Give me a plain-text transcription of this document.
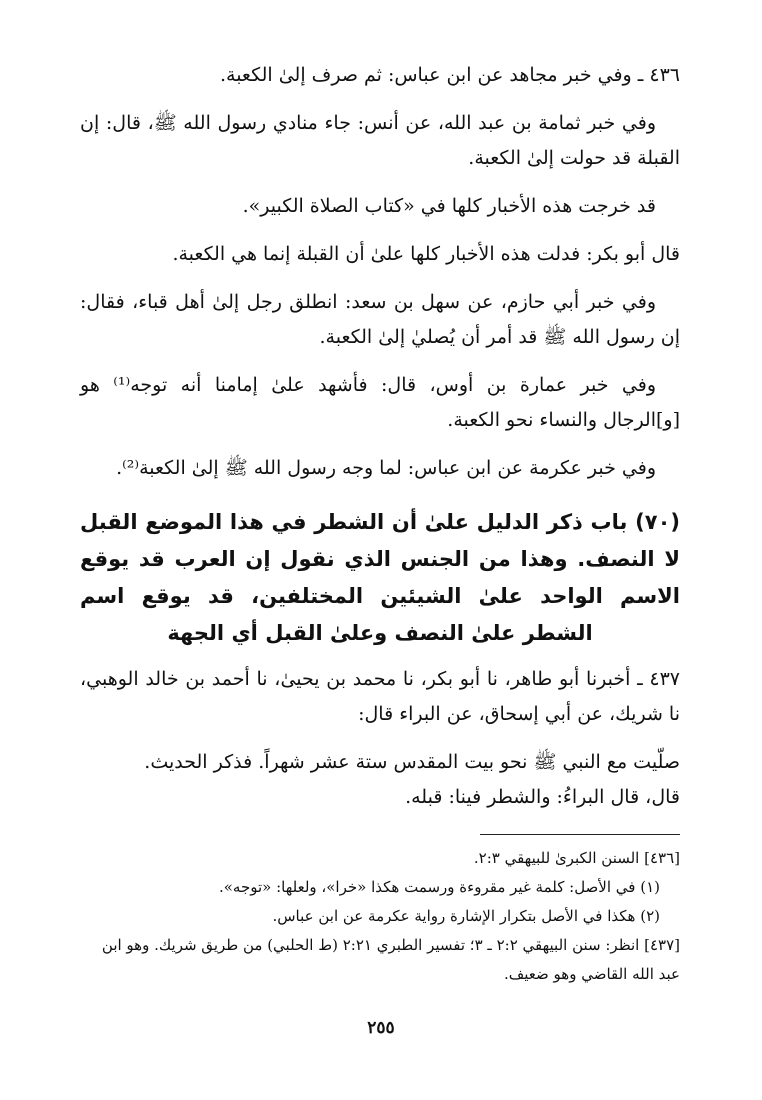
٤٣٦ ـ وفي خبر مجاهد عن ابن عباس: ثم صرف إلىٰ الكعبة.

وفي خبر ثمامة بن عبد الله، عن أنس: جاء منادي رسول الله ﷺ، قال: إن القبلة قد حولت إلىٰ الكعبة.

قد خرجت هذه الأخبار كلها في «كتاب الصلاة الكبير».

قال أبو بكر: فدلت هذه الأخبار كلها علىٰ أن القبلة إنما هي الكعبة.

وفي خبر أبي حازم، عن سهل بن سعد: انطلق رجل إلىٰ أهل قباء، فقال: إن رسول الله ﷺ قد أمر أن يُصليٰ إلىٰ الكعبة.

وفي خبر عمارة بن أوس، قال: فأشهد علىٰ إمامنا أنه توجه⁽¹⁾ هو [و]الرجال والنساء نحو الكعبة.

وفي خبر عكرمة عن ابن عباس: لما وجه رسول الله ﷺ إلىٰ الكعبة⁽²⁾.

(٧٠) باب ذكر الدليل علىٰ أن الشطر في هذا الموضع القبل لا النصف. وهذا من الجنس الذي نقول إن العرب قد يوقع الاسم الواحد علىٰ الشيئين المختلفين، قد يوقع اسم الشطر علىٰ النصف وعلىٰ القبل أي الجهة

٤٣٧ ـ أخبرنا أبو طاهر، نا أبو بكر، نا محمد بن يحيىٰ، نا أحمد بن خالد الوهبي، نا شريك، عن أبي إسحاق، عن البراء قال:

صلّيت مع النبي ﷺ نحو بيت المقدس ستة عشر شهراً. فذكر الحديث.

قال، قال البراءُ: والشطر فينا: قبله.

[٤٣٦] السنن الكبرىٰ للبيهقي ٢:٣.

(١) في الأصل: كلمة غير مقروءة ورسمت هكذا «خرا»، ولعلها: «توجه».

(٢) هكذا في الأصل بتكرار الإشارة رواية عكرمة عن ابن عباس.

[٤٣٧] انظر: سنن البيهقي ٢:٢ ـ ٣؛ تفسير الطبري ٢:٢١ (ط الحلبي) من طريق شريك. وهو ابن عبد الله القاضي وهو ضعيف.

٢٥٥
